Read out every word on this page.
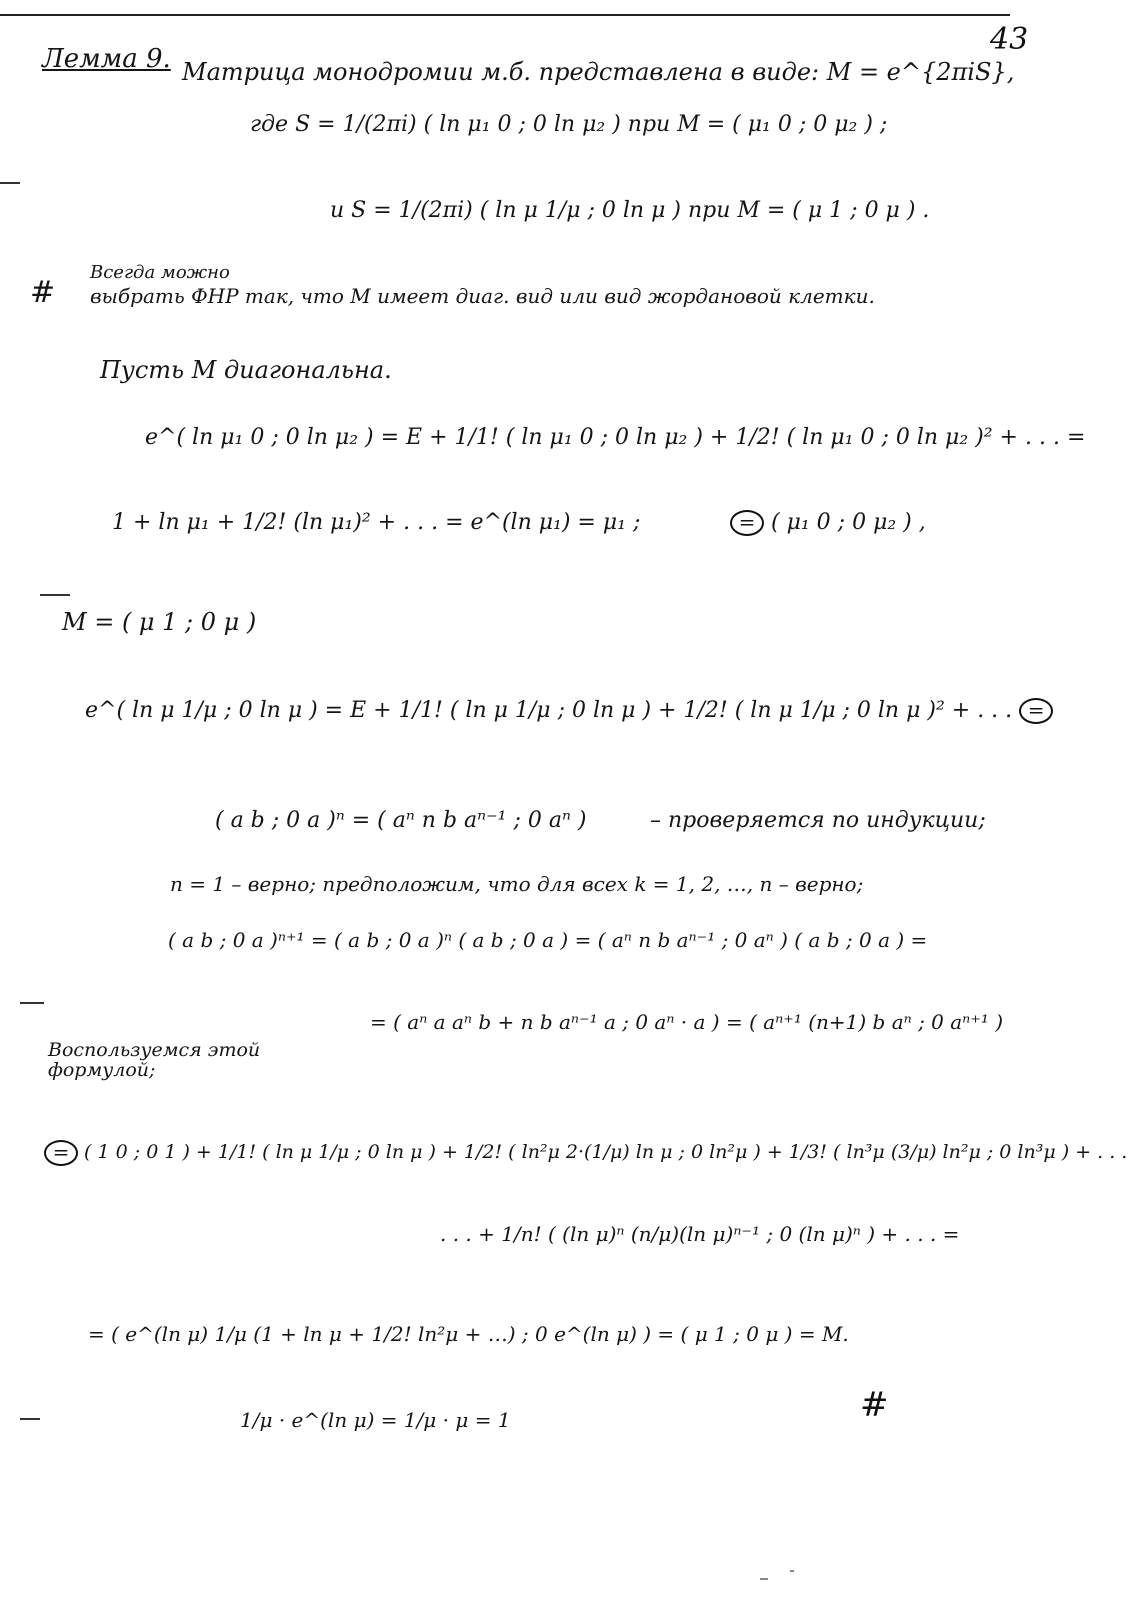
43
Лемма 9. Матрица монодромии м.б. представлена в виде: M = e^{2πiS},
где S = 1/(2πi) ( ln μ₁ 0 ; 0 ln μ₂ ) при M = ( μ₁ 0 ; 0 μ₂ ) ;
и S = 1/(2πi) ( ln μ 1/μ ; 0 ln μ ) при M = ( μ 1 ; 0 μ ) .
#
Всегда можно
выбрать ФНР так, что M имеет диаг. вид или вид жордановой клетки.
Пусть M диагональна.
e^( ln μ₁ 0 ; 0 ln μ₂ ) = E + 1/1! ( ln μ₁ 0 ; 0 ln μ₂ ) + 1/2! ( ln μ₁ 0 ; 0 ln μ₂ )² + . . . =
1 + ln μ₁ + 1/2! (ln μ₁)² + . . . = e^(ln μ₁) = μ₁ ;	= ( μ₁ 0 ; 0 μ₂ ) ,
M = ( μ 1 ; 0 μ )
e^( ln μ 1/μ ; 0 ln μ ) = E + 1/1! ( ln μ 1/μ ; 0 ln μ ) + 1/2! ( ln μ 1/μ ; 0 ln μ )² + . . . =
( a b ; 0 a )ⁿ = ( aⁿ n b aⁿ⁻¹ ; 0 aⁿ )	– проверяется по индукции;
n = 1 – верно; предположим, что для всех k = 1, 2, …, n – верно;
( a b ; 0 a )ⁿ⁺¹ = ( a b ; 0 a )ⁿ ( a b ; 0 a ) = ( aⁿ n b aⁿ⁻¹ ; 0 aⁿ ) ( a b ; 0 a ) =
= ( aⁿ a aⁿ b + n b aⁿ⁻¹ a ; 0 aⁿ · a ) = ( aⁿ⁺¹ (n+1) b aⁿ ; 0 aⁿ⁺¹ )
Воспользуемся этой формулой;
= ( 1 0 ; 0 1 ) + 1/1! ( ln μ 1/μ ; 0 ln μ ) + 1/2! ( ln²μ 2·(1/μ) ln μ ; 0 ln²μ ) + 1/3! ( ln³μ (3/μ) ln²μ ; 0 ln³μ ) + . . .
. . . + 1/n! ( (ln μ)ⁿ (n/μ)(ln μ)ⁿ⁻¹ ; 0 (ln μ)ⁿ ) + . . . =
= ( e^(ln μ) 1/μ (1 + ln μ + 1/2! ln²μ + …) ; 0 e^(ln μ) ) = ( μ 1 ; 0 μ ) = M.
1/μ · e^(ln μ) = 1/μ · μ = 1	#
